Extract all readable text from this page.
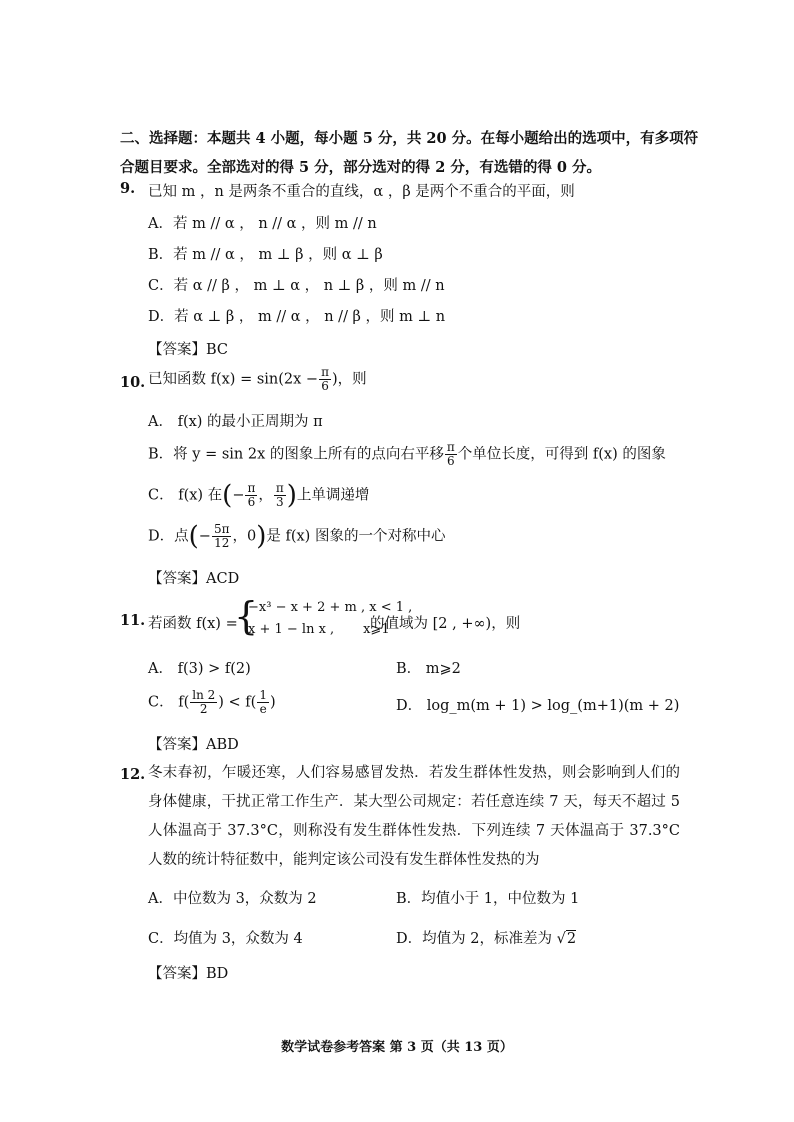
二、选择题：本题共 4 小题，每小题 5 分，共 20 分。在每小题给出的选项中，有多项符合题目要求。全部选对的得 5 分，部分选对的得 2 分，有选错的得 0 分。
9. 已知 m ，n 是两条不重合的直线，α ，β 是两个不重合的平面，则
A．若 m // α ， n // α ，则 m // n
B．若 m // α ， m ⊥ β ，则 α ⊥ β
C．若 α // β ， m ⊥ α ， n ⊥ β ，则 m // n
D．若 α ⊥ β ， m // α ， n // β ，则 m ⊥ n
【答案】BC
10. 已知函数 $f(x) = \sin(2x - \frac{\pi}{6}$ )，则
A． f(x) 的最小正周期为 π
B．将 y = sin 2x 的图象上所有的点向右平移 $\frac{\pi}{6}$ 个单位长度，可得到 f(x) 的图象
C． f(x) 在(− $\frac{\pi}{6}$ ， $\frac{\pi}{3}$ )上单调递增
D．点(− $\frac{5\pi}{12}$ ，0)是 f(x) 图象的一个对称中心
【答案】ACD
11. 若函数 f(x) =
{
−x³ − x + 2 + m , x < 1 ,
x + 1 − ln x ,       x⩾1
的值域为 [2 , +∞)，则
A． f(3) > f(2)	B． m⩾2
C． $f( \frac{\ln 2}{2}$ ) < $f( \frac{1}{e}$ )	D． log_m(m + 1) > log_(m+1)(m + 2)
【答案】ABD
12. 冬末春初，乍暖还寒，人们容易感冒发热．若发生群体性发热，则会影响到人们的身体健康，干扰正常工作生产．某大型公司规定：若任意连续 7 天，每天不超过 5 人体温高于 37.3°C，则称没有发生群体性发热．下列连续 7 天体温高于 37.3°C 人数的统计特征数中，能判定该公司没有发生群体性发热的为
A．中位数为 3，众数为 2	B．均值小于 1，中位数为 1
C．均值为 3，众数为 4	D．均值为 2，标准差为 √2
【答案】BD
数学试卷参考答案 第 3 页（共 13 页）
